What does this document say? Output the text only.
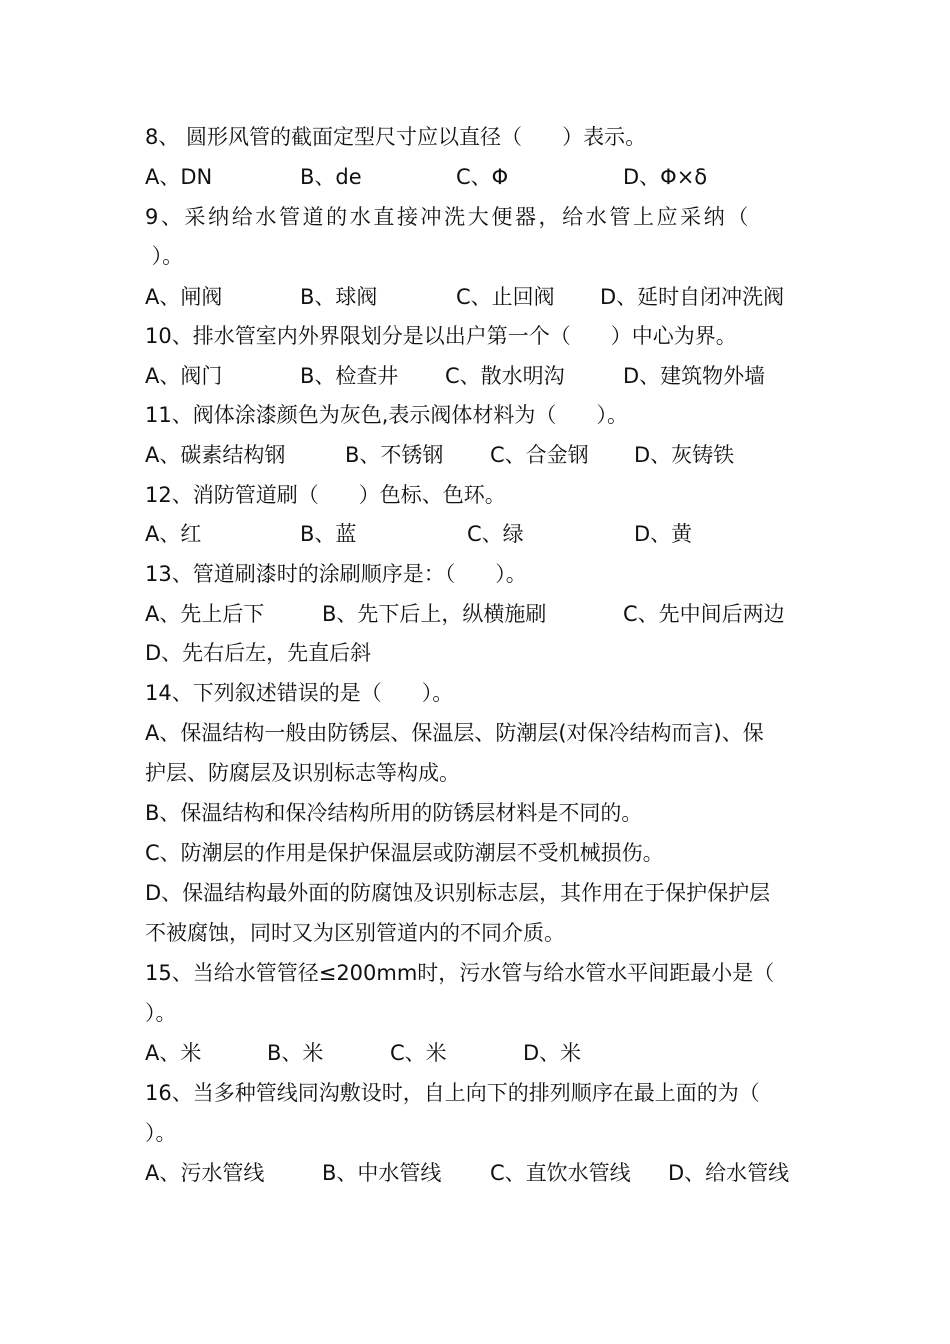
8、 圆形风管的截面定型尺寸应以直径（      ）表示。
A、DN	B、de	C、Φ	D、Φ×δ
9、采纳给水管道的水直接冲洗大便器，给水管上应采纳（
）。
A、闸阀	B、球阀	C、止回阀 D、延时自闭冲洗阀
10、排水管室内外界限划分是以出户第一个（      ）中心为界。
A、阀门	B、检查井 C、散水明沟	D、建筑物外墙
11、阀体涂漆颜色为灰色,表示阀体材料为（      ）。
A、碳素结构钢	B、不锈钢 C、合金钢 D、灰铸铁
12、消防管道刷（      ）色标、色环。
A、红	B、蓝	C、绿	D、黄
13、管道刷漆时的涂刷顺序是：（      ）。
A、先上后下	B、先下后上，纵横施刷	C、先中间后两边
D、先右后左，先直后斜
14、下列叙述错误的是（      ）。
A、保温结构一般由防锈层、保温层、防潮层(对保冷结构而言)、保
护层、防腐层及识别标志等构成。
B、保温结构和保冷结构所用的防锈层材料是不同的。
C、防潮层的作用是保护保温层或防潮层不受机械损伤。
D、保温结构最外面的防腐蚀及识别标志层，其作用在于保护保护层
不被腐蚀，同时又为区别管道内的不同介质。
15、当给水管管径≤200mm时，污水管与给水管水平间距最小是（
）。
A、米	B、米	C、米	D、米
16、当多种管线同沟敷设时，自上向下的排列顺序在最上面的为（
）。
A、污水管线	B、中水管线 C、直饮水管线 D、给水管线
